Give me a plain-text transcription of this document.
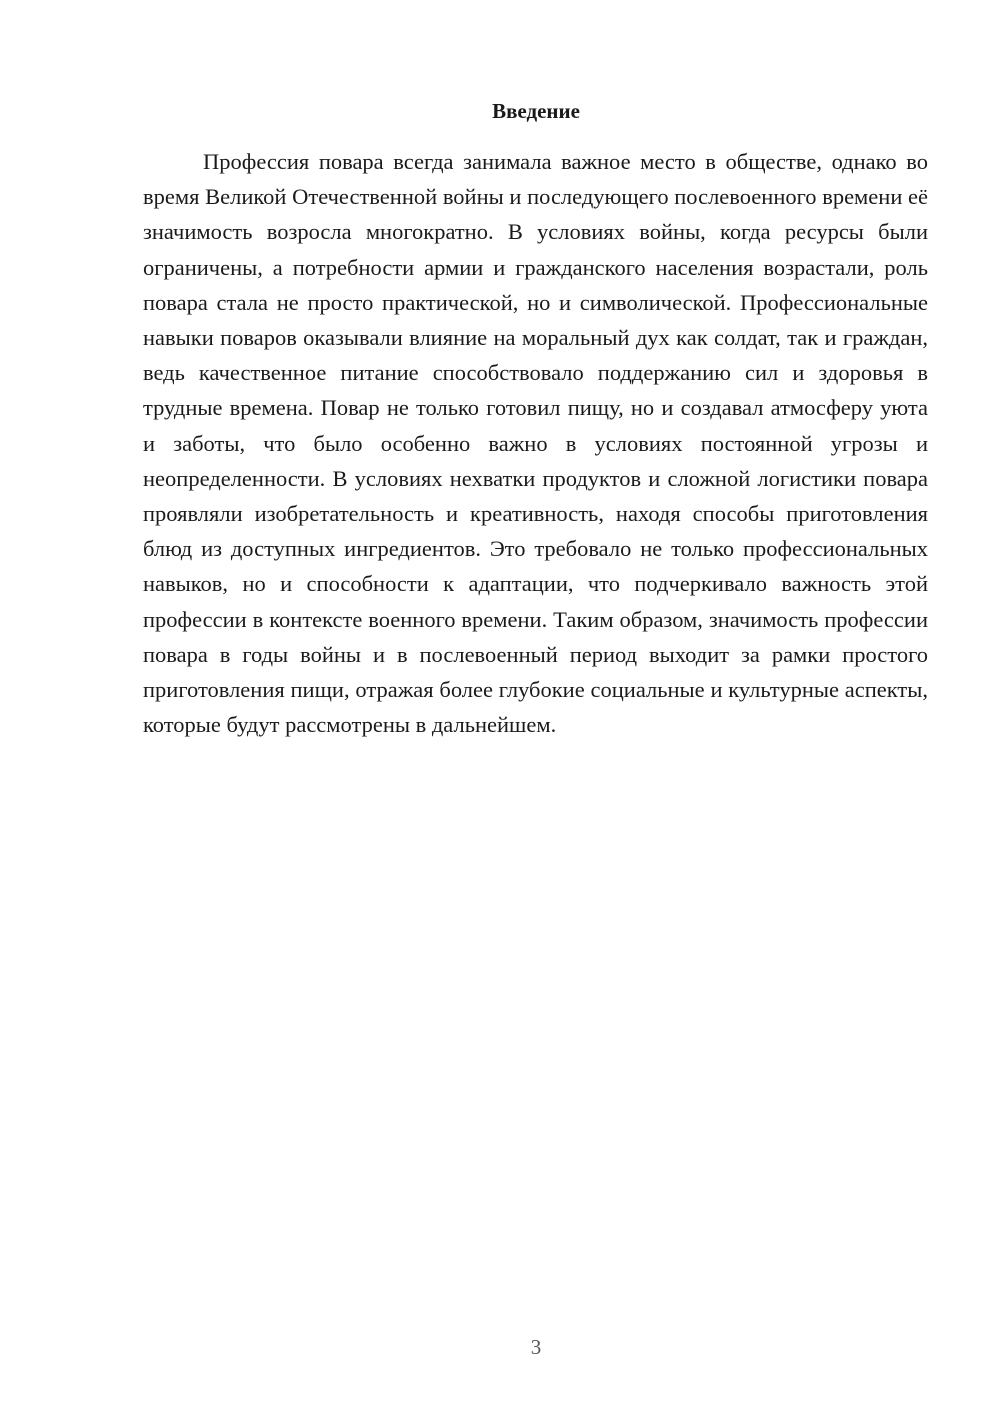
Введение

Профессия повара всегда занимала важное место в обществе, однако во время Великой Отечественной войны и последующего послевоенного времени её значимость возросла многократно. В условиях войны, когда ресурсы были ограничены, а потребности армии и гражданского населения возрастали, роль повара стала не просто практической, но и символической. Профессиональные навыки поваров оказывали влияние на моральный дух как солдат, так и граждан, ведь качественное питание способствовало поддержанию сил и здоровья в трудные времена. Повар не только готовил пищу, но и создавал атмосферу уюта и заботы, что было особенно важно в условиях постоянной угрозы и неопределенности. В условиях нехватки продуктов и сложной логистики повара проявляли изобретательность и креативность, находя способы приготовления блюд из доступных ингредиентов. Это требовало не только профессиональных навыков, но и способности к адаптации, что подчеркивало важность этой профессии в контексте военного времени. Таким образом, значимость профессии повара в годы войны и в послевоенный период выходит за рамки простого приготовления пищи, отражая более глубокие социальные и культурные аспекты, которые будут рассмотрены в дальнейшем.

3
